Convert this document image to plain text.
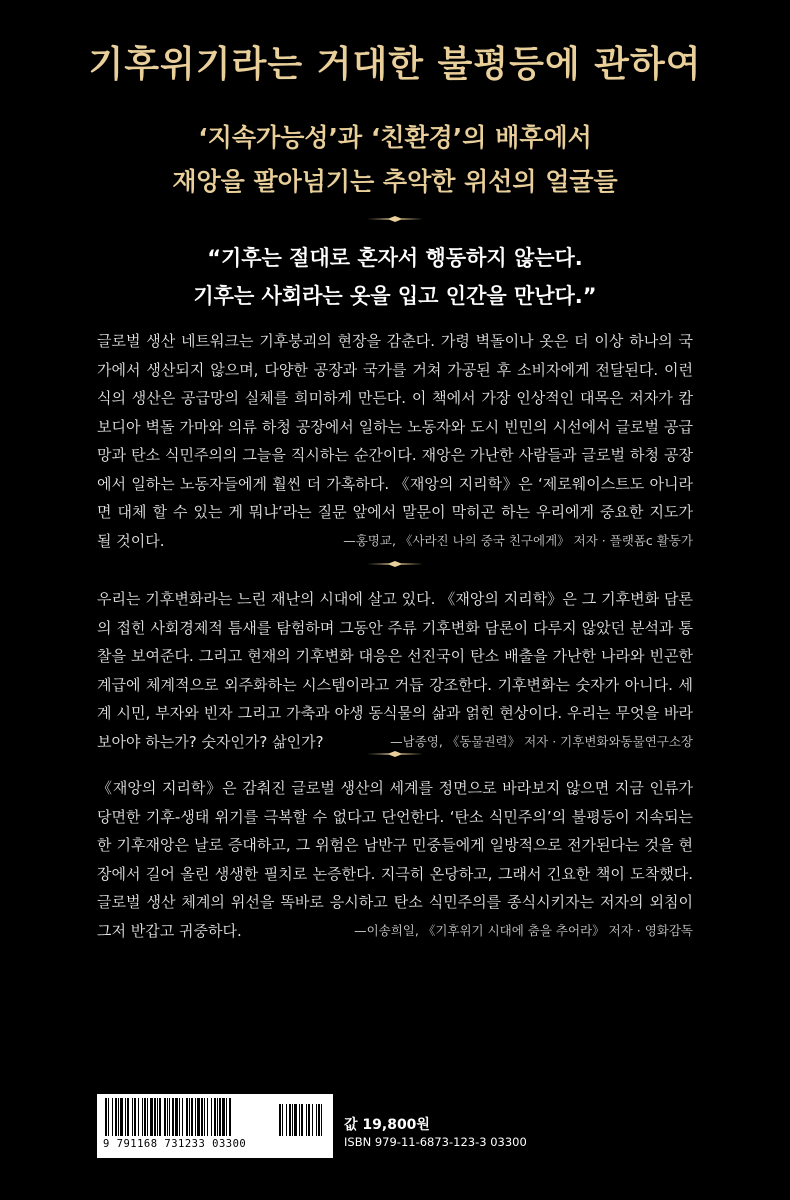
기후위기라는 거대한 불평등에 관하여
‘지속가능성’과 ‘친환경’의 배후에서
재앙을 팔아넘기는 추악한 위선의 얼굴들
“기후는 절대로 혼자서 행동하지 않는다.
기후는 사회라는 옷을 입고 인간을 만난다.”
글로벌 생산 네트워크는 기후붕괴의 현장을 감춘다. 가령 벽돌이나 옷은 더 이상 하나의 국가에서 생산되지 않으며, 다양한 공장과 국가를 거쳐 가공된 후 소비자에게 전달된다. 이런 식의 생산은 공급망의 실체를 희미하게 만든다. 이 책에서 가장 인상적인 대목은 저자가 캄보디아 벽돌 가마와 의류 하청 공장에서 일하는 노동자와 도시 빈민의 시선에서 글로벌 공급망과 탄소 식민주의의 그늘을 직시하는 순간이다. 재앙은 가난한 사람들과 글로벌 하청 공장에서 일하는 노동자들에게 훨씬 더 가혹하다. 《재앙의 지리학》은 ‘제로웨이스트도 아니라면 대체 할 수 있는 게 뭐냐’라는 질문 앞에서 말문이 막히곤 하는 우리에게 중요한 지도가 될 것이다.	—홍명교, 《사라진 나의 중국 친구에게》 저자 · 플랫폼c 활동가
우리는 기후변화라는 느린 재난의 시대에 살고 있다. 《재앙의 지리학》은 그 기후변화 담론의 접힌 사회경제적 틈새를 탐험하며 그동안 주류 기후변화 담론이 다루지 않았던 분석과 통찰을 보여준다. 그리고 현재의 기후변화 대응은 선진국이 탄소 배출을 가난한 나라와 빈곤한 계급에 체계적으로 외주화하는 시스템이라고 거듭 강조한다. 기후변화는 숫자가 아니다. 세계 시민, 부자와 빈자 그리고 가축과 야생 동식물의 삶과 얽힌 현상이다. 우리는 무엇을 바라보아야 하는가? 숫자인가? 삶인가?	—남종영, 《동물권력》 저자 · 기후변화와동물연구소장
《재앙의 지리학》은 감춰진 글로벌 생산의 세계를 정면으로 바라보지 않으면 지금 인류가 당면한 기후-생태 위기를 극복할 수 없다고 단언한다. ‘탄소 식민주의’의 불평등이 지속되는 한 기후재앙은 날로 증대하고, 그 위험은 남반구 민중들에게 일방적으로 전가된다는 것을 현장에서 길어 올린 생생한 필치로 논증한다. 지극히 온당하고, 그래서 긴요한 책이 도착했다. 글로벌 생산 체계의 위선을 똑바로 응시하고 탄소 식민주의를 종식시키자는 저자의 외침이 그저 반갑고 귀중하다.	—이송희일, 《기후위기 시대에 춤을 추어라》 저자 · 영화감독
9 791168 731233 03300
값 19,800원
ISBN 979-11-6873-123-3 03300
